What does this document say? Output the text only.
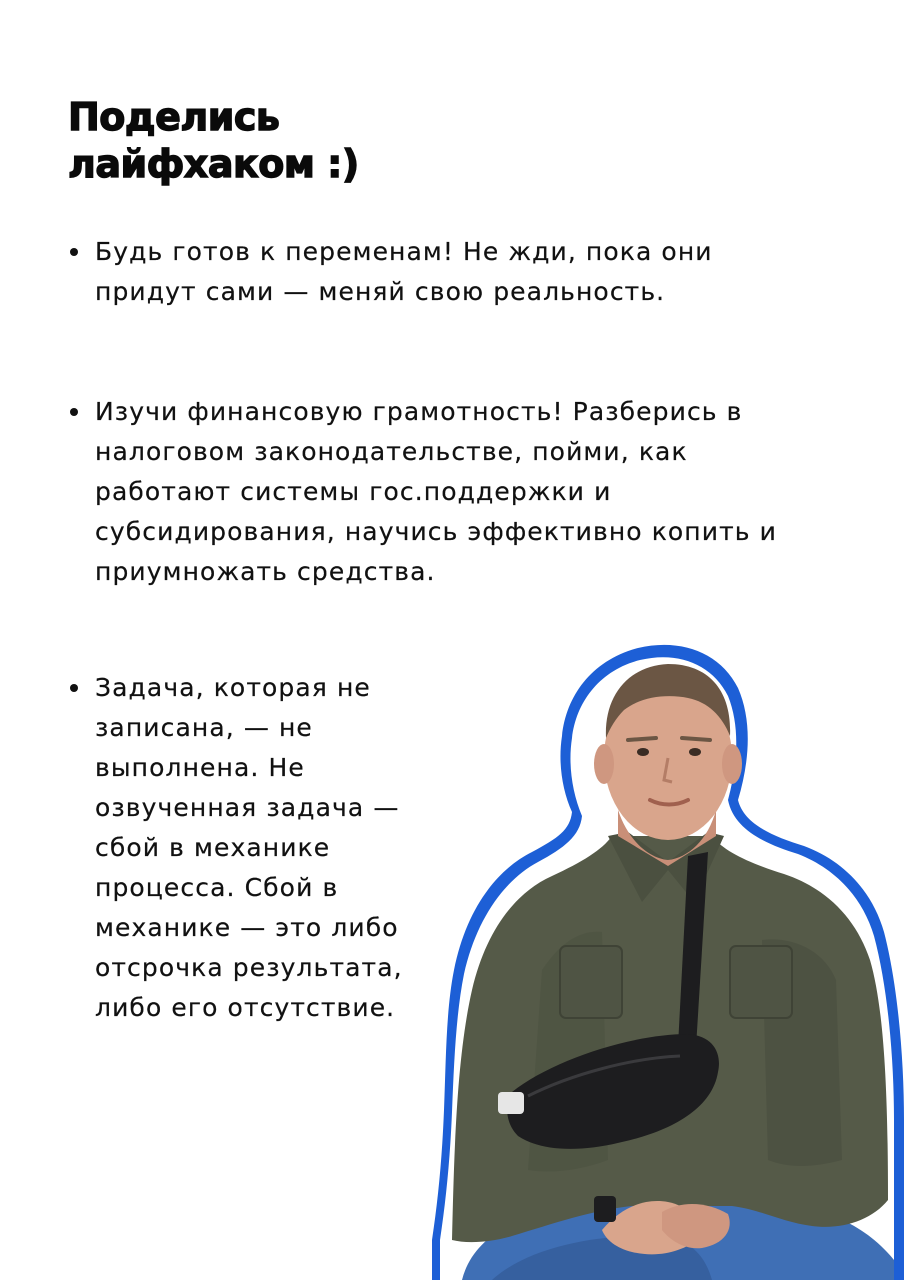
Поделись
лайфхаком :)
Будь готов к переменам! Не жди, пока они придут сами — меняй свою реальность.
Изучи финансовую грамотность! Разберись в налоговом законодательстве, пойми, как работают системы гос.поддержки и субсидирования, научись эффективно копить и приумножать средства.
Задача, которая не записана, — не выполнена. Не озвученная задача — сбой в механике процесса. Сбой в механике — это либо отсрочка результата, либо его отсутствие.
